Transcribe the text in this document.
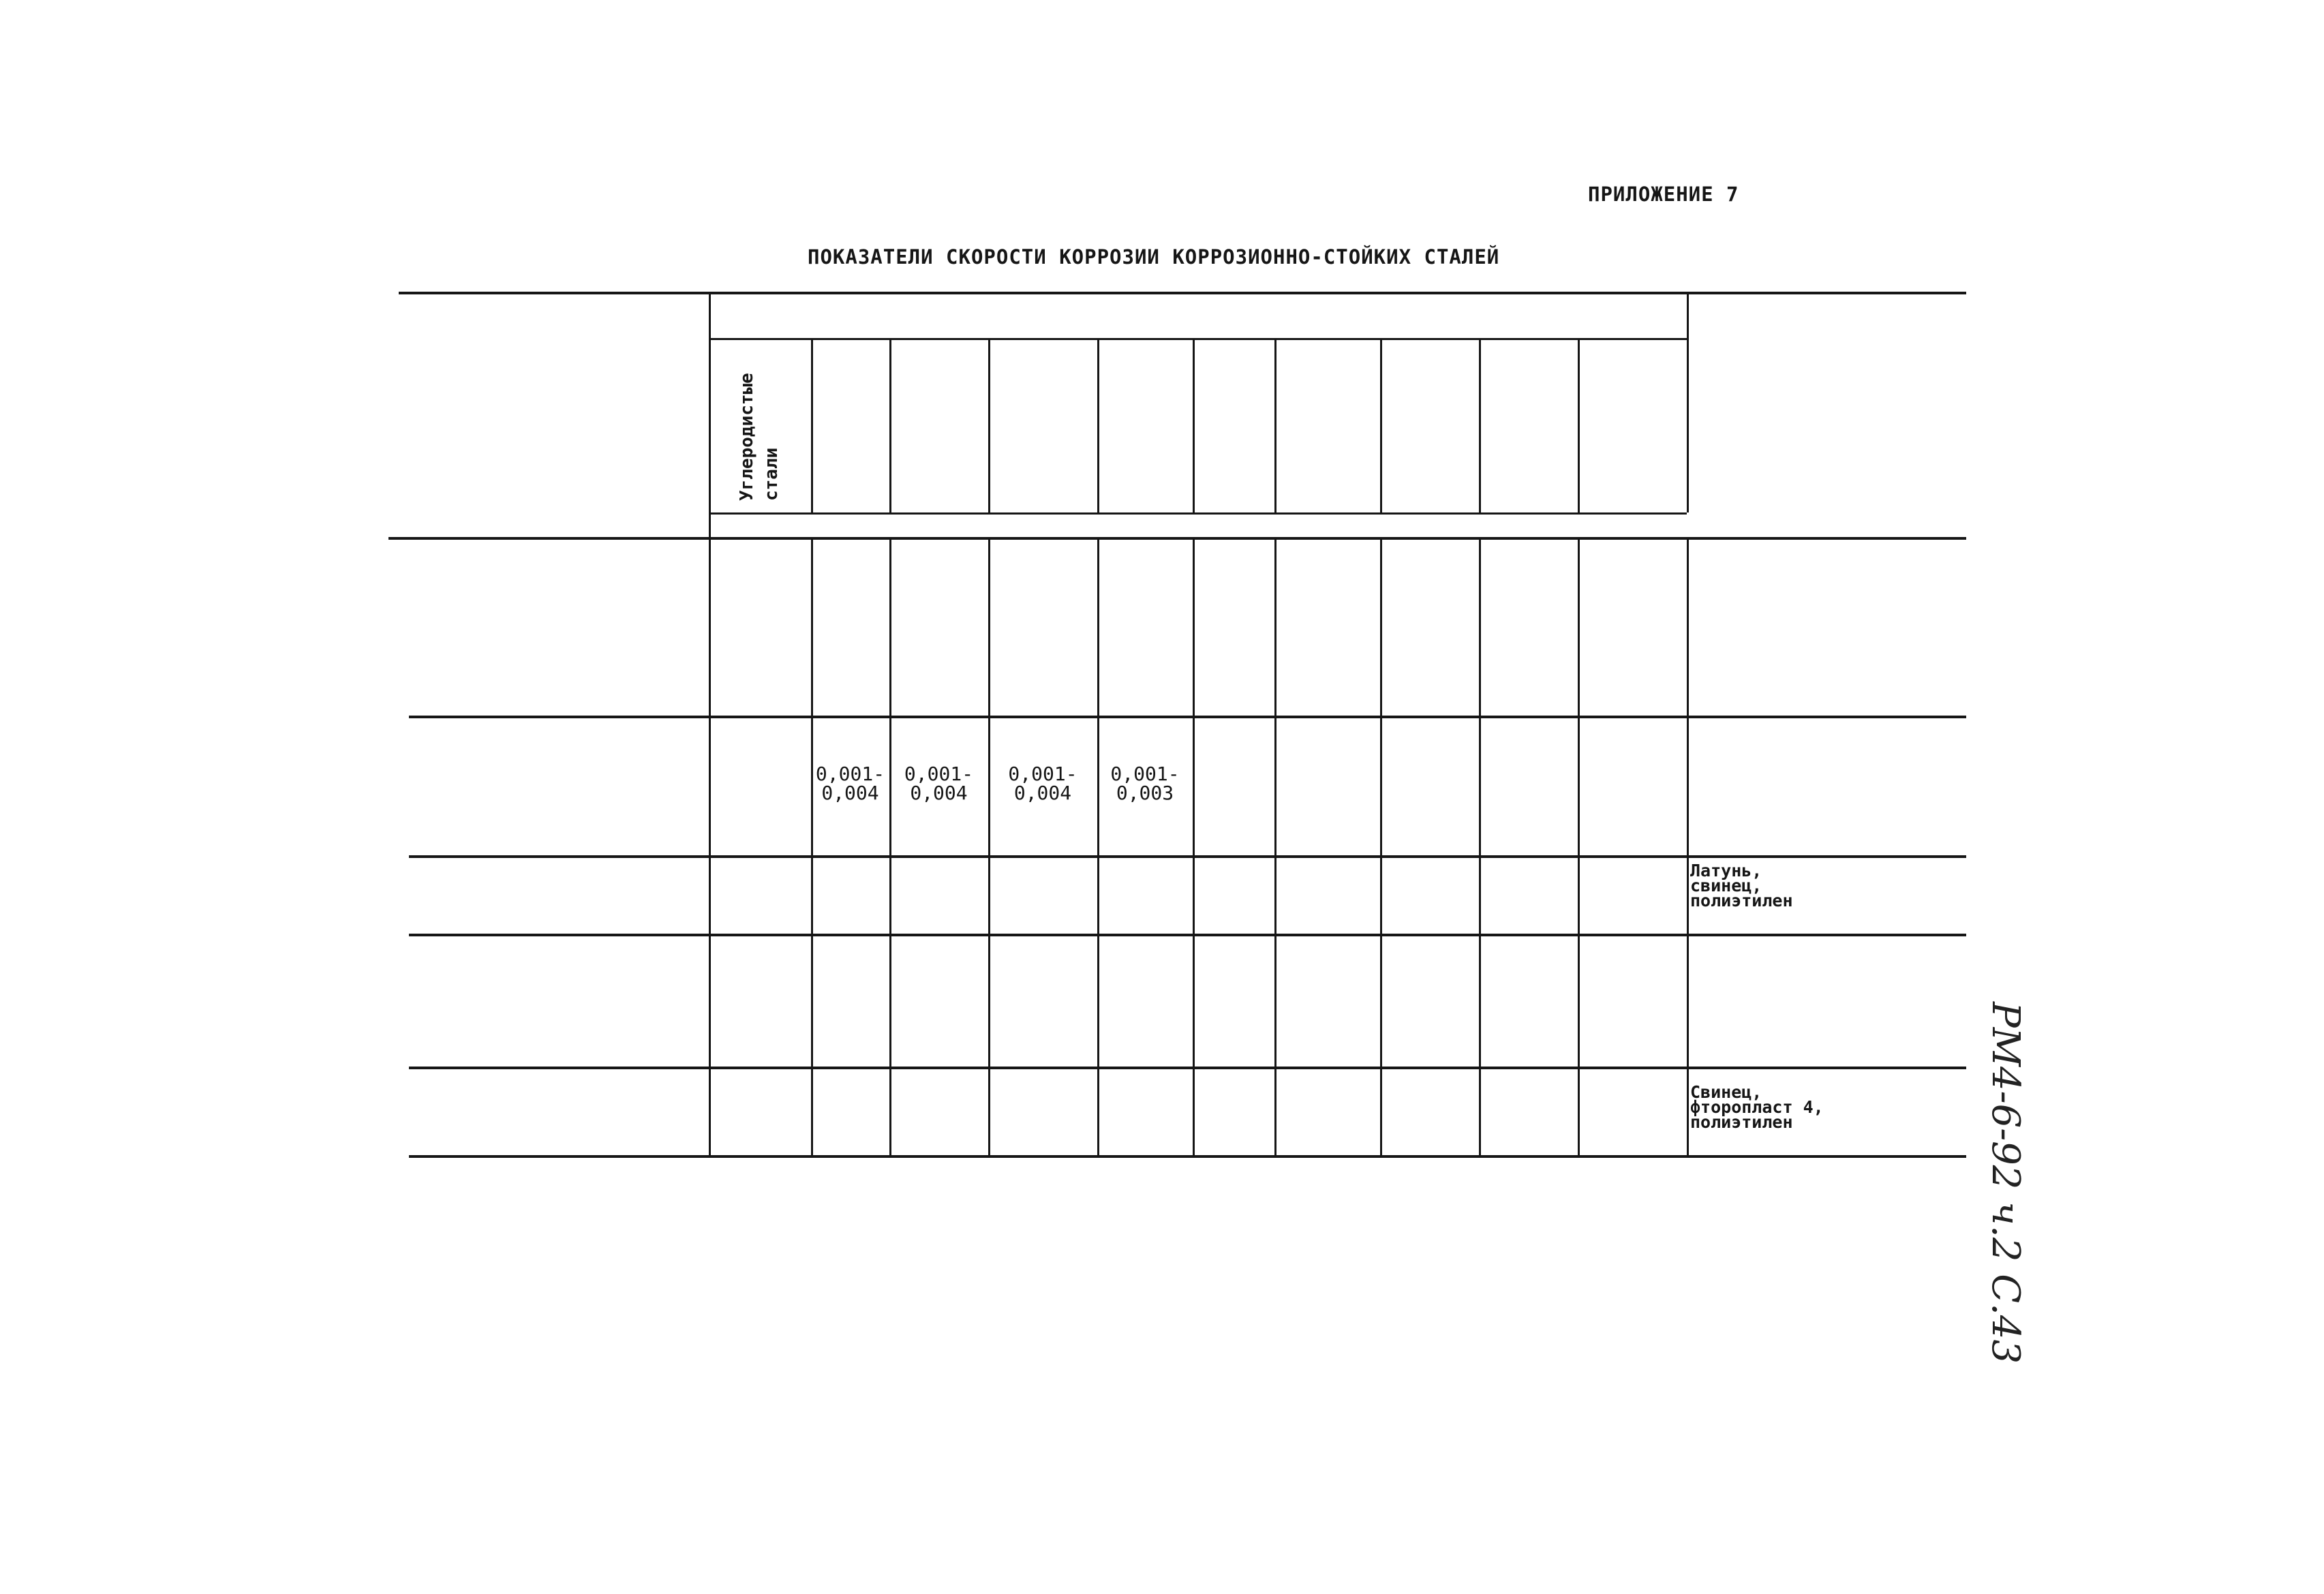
ПРИЛОЖЕНИЕ 7
ПОКАЗАТЕЛИ СКОРОСТИ КОРРОЗИИ КОРРОЗИОННО-СТОЙКИХ СТАЛЕЙ
РМ4-6-92 ч.2 С.43
Углеродистые стали
0,001-
0,004
0,001-
0,004
0,001-
0,004
0,001-
0,003
Латунь,
свинец,
полиэтилен
Свинец,
фторопласт 4,
полиэтилен
